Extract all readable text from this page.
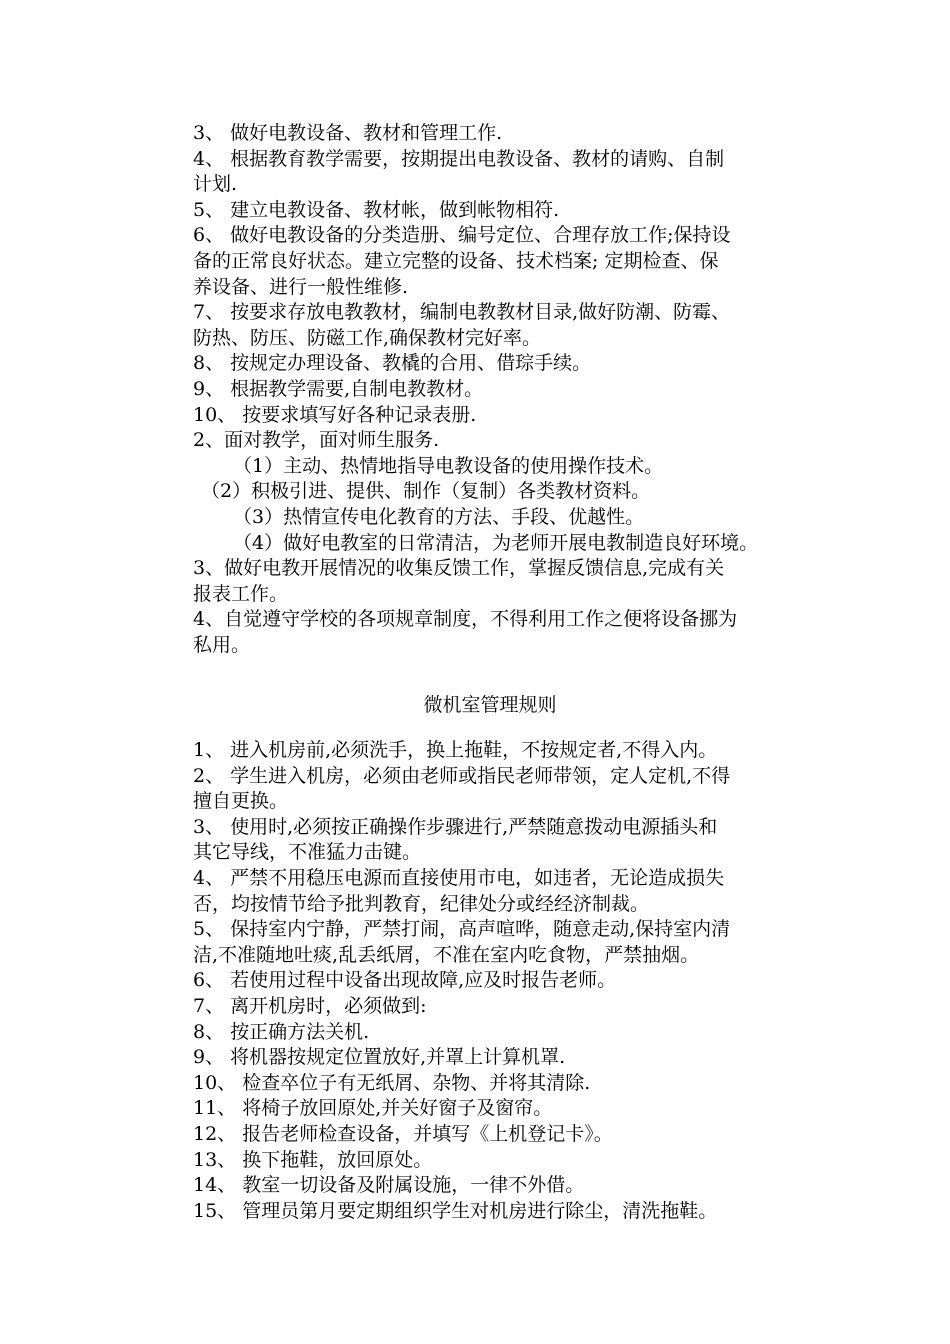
3、 做好电教设备、教材和管理工作.
4、 根据教育教学需要，按期提出电教设备、教材的请购、自制
计划.
5、 建立电教设备、教材帐，做到帐物相符.
6、 做好电教设备的分类造册、编号定位、合理存放工作;保持设
备的正常良好状态。建立完整的设备、技术档案; 定期检查、保
养设备、进行一般性维修.
7、 按要求存放电教教材，编制电教教材目录,做好防潮、防霉、
防热、防压、防磁工作,确保教材完好率。
8、 按规定办理设备、教橇的合用、借琮手续。
9、 根据教学需要,自制电教教材。
10、 按要求填写好各种记录表册.
2、面对教学，面对师生服务.
（1）主动、热情地指导电教设备的使用操作技术。
（2）积极引进、提供、制作（复制）各类教材资料。
（3）热情宣传电化教育的方法、手段、优越性。
（4）做好电教室的日常清洁，为老师开展电教制造良好环境。
3、做好电教开展情况的收集反馈工作，掌握反馈信息,完成有关
报表工作。
4、自觉遵守学校的各项规章制度，不得利用工作之便将设备挪为
私用。
微机室管理规则
1、 进入机房前,必须洗手，换上拖鞋，不按规定者,不得入内。
2、 学生进入机房，必须由老师或指民老师带领，定人定机,不得
擅自更换。
3、 使用时,必须按正确操作步骤进行,严禁随意拨动电源插头和
其它导线，不准猛力击键。
4、 严禁不用稳压电源而直接使用市电，如违者，无论造成损失
否，均按情节给予批判教育，纪律处分或经经济制裁。
5、 保持室内宁静，严禁打闹，高声喧哗，随意走动,保持室内清
洁,不准随地吐痰,乱丢纸屑，不准在室内吃食物，严禁抽烟。
6、 若使用过程中设备出现故障,应及时报告老师。
7、 离开机房时，必须做到:
8、 按正确方法关机.
9、 将机器按规定位置放好,并罩上计算机罩.
10、 检查卒位子有无纸屑、杂物、并将其清除.
11、 将椅子放回原处,并关好窗子及窗帘。
12、 报告老师检查设备，并填写《上机登记卡》。
13、 换下拖鞋，放回原处。
14、 教室一切设备及附属设施，一律不外借。
15、 管理员第月要定期组织学生对机房进行除尘，清洗拖鞋。
